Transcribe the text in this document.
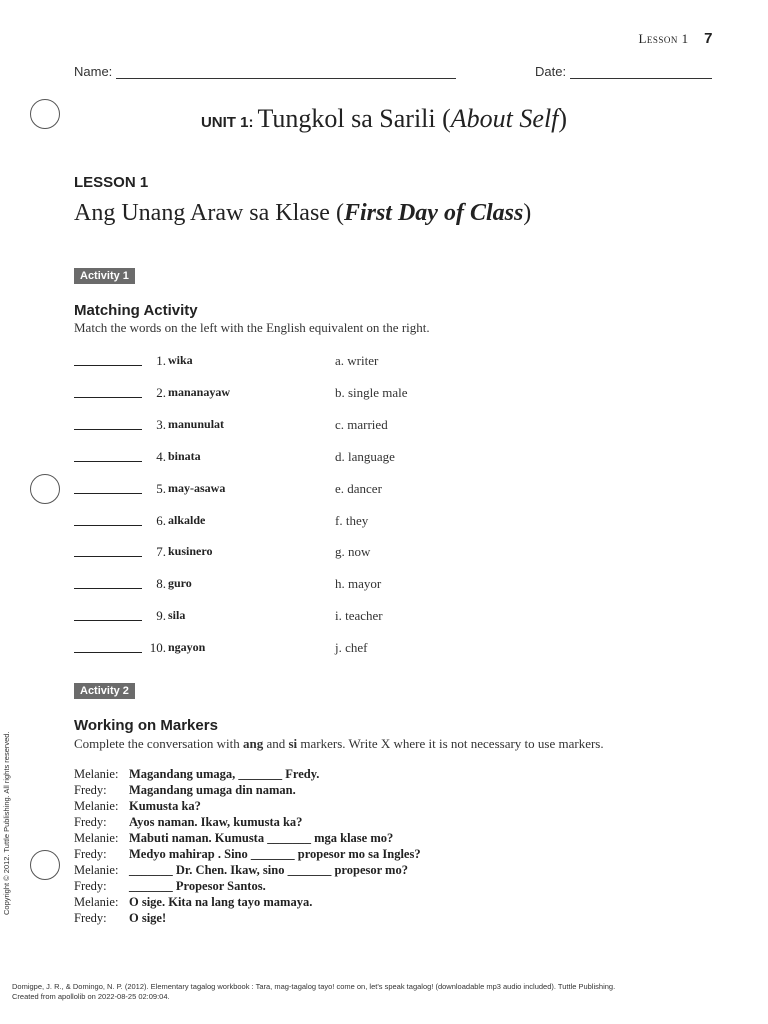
Lesson 1 7
Name:	Date:
UNIT 1: Tungkol sa Sarili (About Self)
LESSON 1
Ang Unang Araw sa Klase (First Day of Class)
Activity 1
Matching Activity
Match the words on the left with the English equivalent on the right.
1. wika	a. writer
2. mananayaw	b. single male
3. manunulat	c. married
4. binata	d. language
5. may-asawa	e. dancer
6. alkalde	f. they
7. kusinero	g. now
8. guro	h. mayor
9. sila	i. teacher
10. ngayon	j. chef
Activity 2
Working on Markers
Complete the conversation with ang and si markers. Write X where it is not necessary to use markers.
Melanie: Magandang umaga, _______ Fredy.
Fredy: Magandang umaga din naman.
Melanie: Kumusta ka?
Fredy: Ayos naman. Ikaw, kumusta ka?
Melanie: Mabuti naman. Kumusta _______ mga klase mo?
Fredy: Medyo mahirap . Sino _______ propesor mo sa Ingles?
Melanie: _______ Dr. Chen. Ikaw, sino _______ propesor mo?
Fredy: _______ Propesor Santos.
Melanie: O sige. Kita na lang tayo mamaya.
Fredy: O sige!
Copyright © 2012. Tuttle Publishing. All rights reserved.
Domigpe, J. R., & Domingo, N. P. (2012). Elementary tagalog workbook : Tara, mag-tagalog tayo! come on, let's speak tagalog! (downloadable mp3 audio included). Tuttle Publishing.
Created from apollolib on 2022-08-25 02:09:04.
